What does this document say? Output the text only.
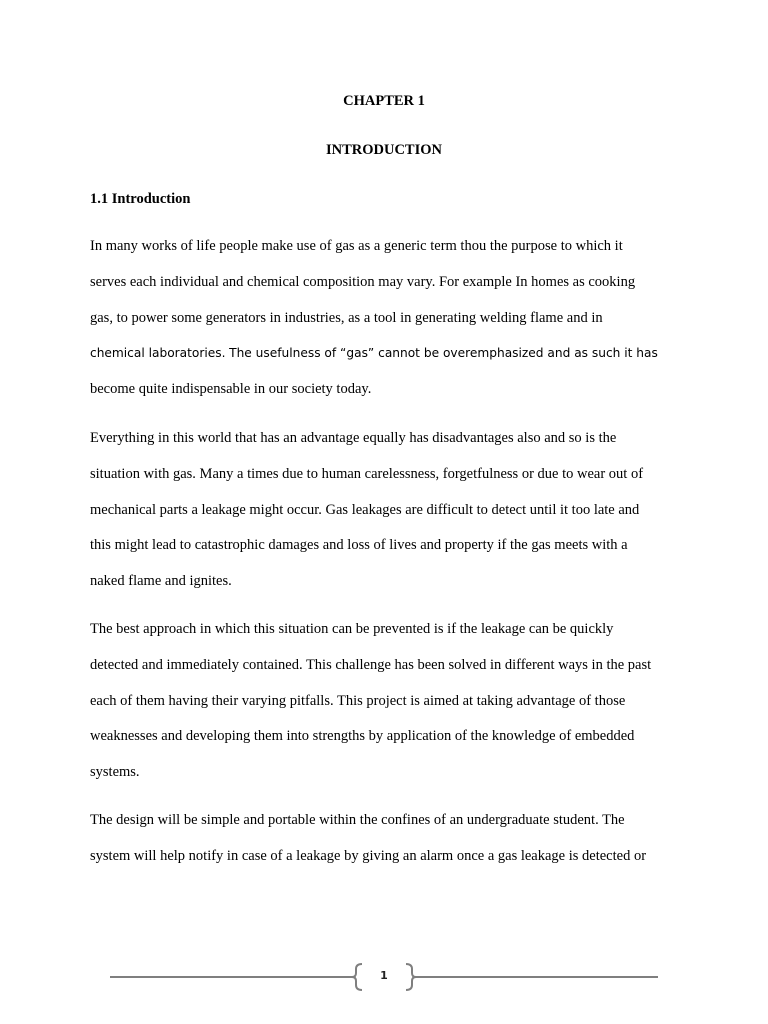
CHAPTER 1
INTRODUCTION
1.1 Introduction

In many works of life people make use of gas as a generic term thou the purpose to which it
serves each individual and chemical composition may vary. For example In homes as cooking
gas, to power some generators in industries, as a tool in generating welding flame and in
chemical laboratories. The usefulness of “gas” cannot be overemphasized and as such it has
become quite indispensable in our society today.

Everything in this world that has an advantage equally has disadvantages also and so is the
situation with gas. Many a times due to human carelessness, forgetfulness or due to wear out of
mechanical parts a leakage might occur. Gas leakages are difficult to detect until it too late and
this might lead to catastrophic damages and loss of lives and property if the gas meets with a
naked flame and ignites.

The best approach in which this situation can be prevented is if the leakage can be quickly
detected and immediately contained. This challenge has been solved in different ways in the past
each of them having their varying pitfalls. This project is aimed at taking advantage of those
weaknesses and developing them into strengths by application of the knowledge of embedded
systems.

The design will be simple and portable within the confines of an undergraduate student. The
system will help notify in case of a leakage by giving an alarm once a gas leakage is detected or

1
